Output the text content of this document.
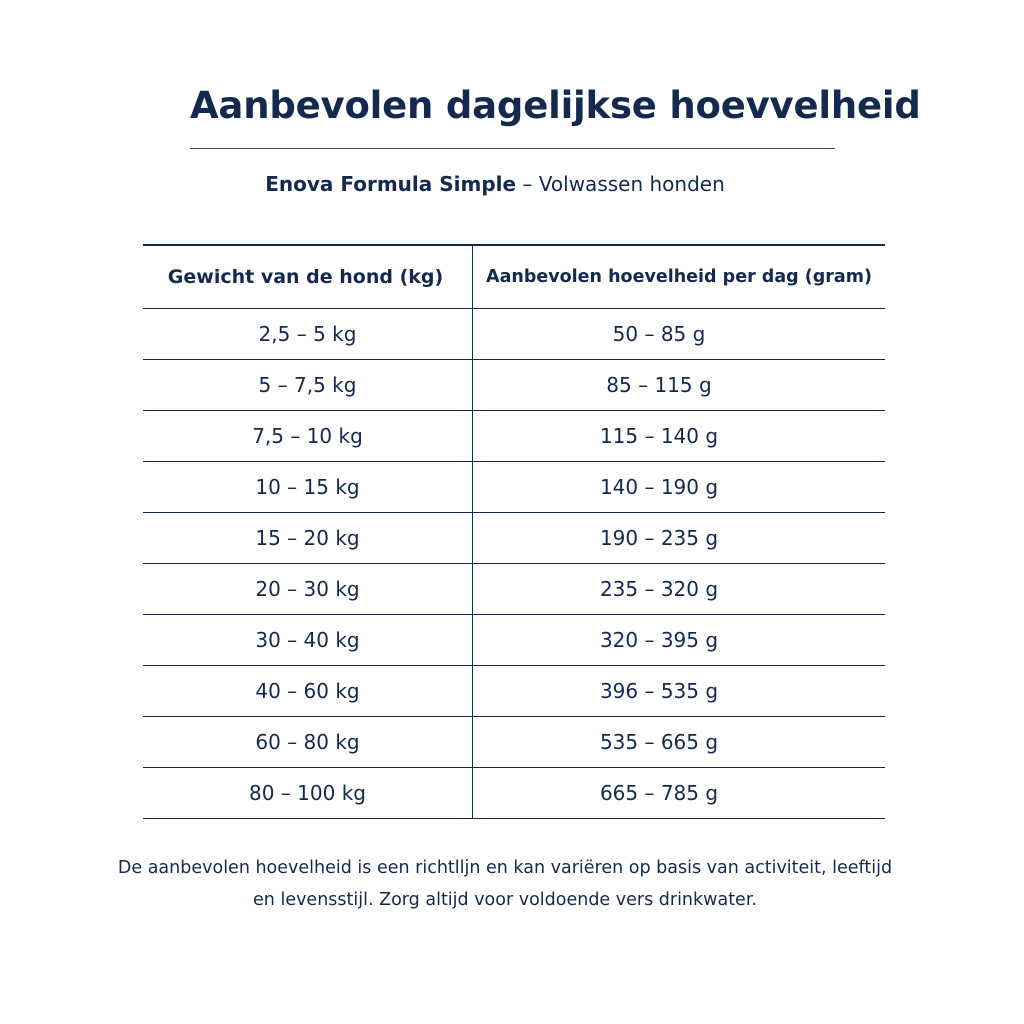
Aanbevolen dagelijkse hoevvelheid
Enova Formula Simple – Volwassen honden
Gewicht van de hond (kg)	Aanbevolen hoevelheid per dag (gram)
2,5 – 5 kg	50 – 85 g
5 – 7,5 kg	85 – 115 g
7,5 – 10 kg	115 – 140 g
10 – 15 kg	140 – 190 g
15 – 20 kg	190 – 235 g
20 – 30 kg	235 – 320 g
30 – 40 kg	320 – 395 g
40 – 60 kg	396 – 535 g
60 – 80 kg	535 – 665 g
80 – 100 kg	665 – 785 g

De aanbevolen hoevelheid is een richtllјn en kan variëren op basis van activiteit, leeftijd
en levensstijl. Zorg altijd voor voldoende vers drinkwater.
